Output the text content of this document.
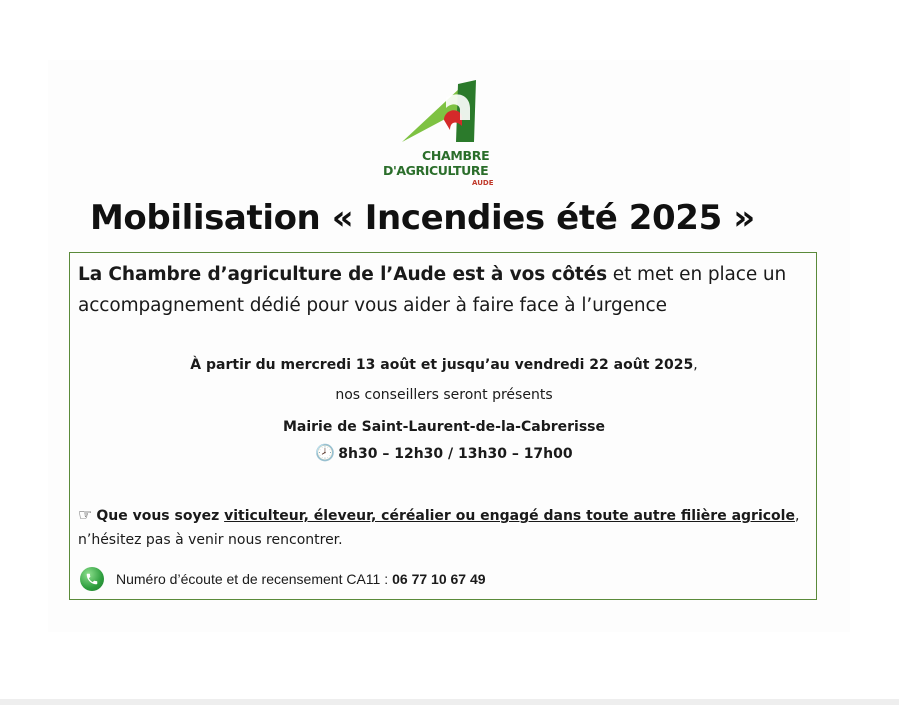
CHAMBRE
D'AGRICULTURE
AUDE
Mobilisation « Incendies été 2025 »
La Chambre d’agriculture de l’Aude est à vos côtés et met en place un accompagnement dédié pour vous aider à faire face à l’urgence
À partir du mercredi 13 août et jusqu’au vendredi 22 août 2025,
nos conseillers seront présents
Mairie de Saint-Laurent-de-la-Cabrerisse
🕗 8h30 – 12h30 / 13h30 – 17h00
☞ Que vous soyez viticulteur, éleveur, céréalier ou engagé dans toute autre filière agricole,
n’hésitez pas à venir nous rencontrer.
Numéro d’écoute et de recensement CA11 : 06 77 10 67 49
